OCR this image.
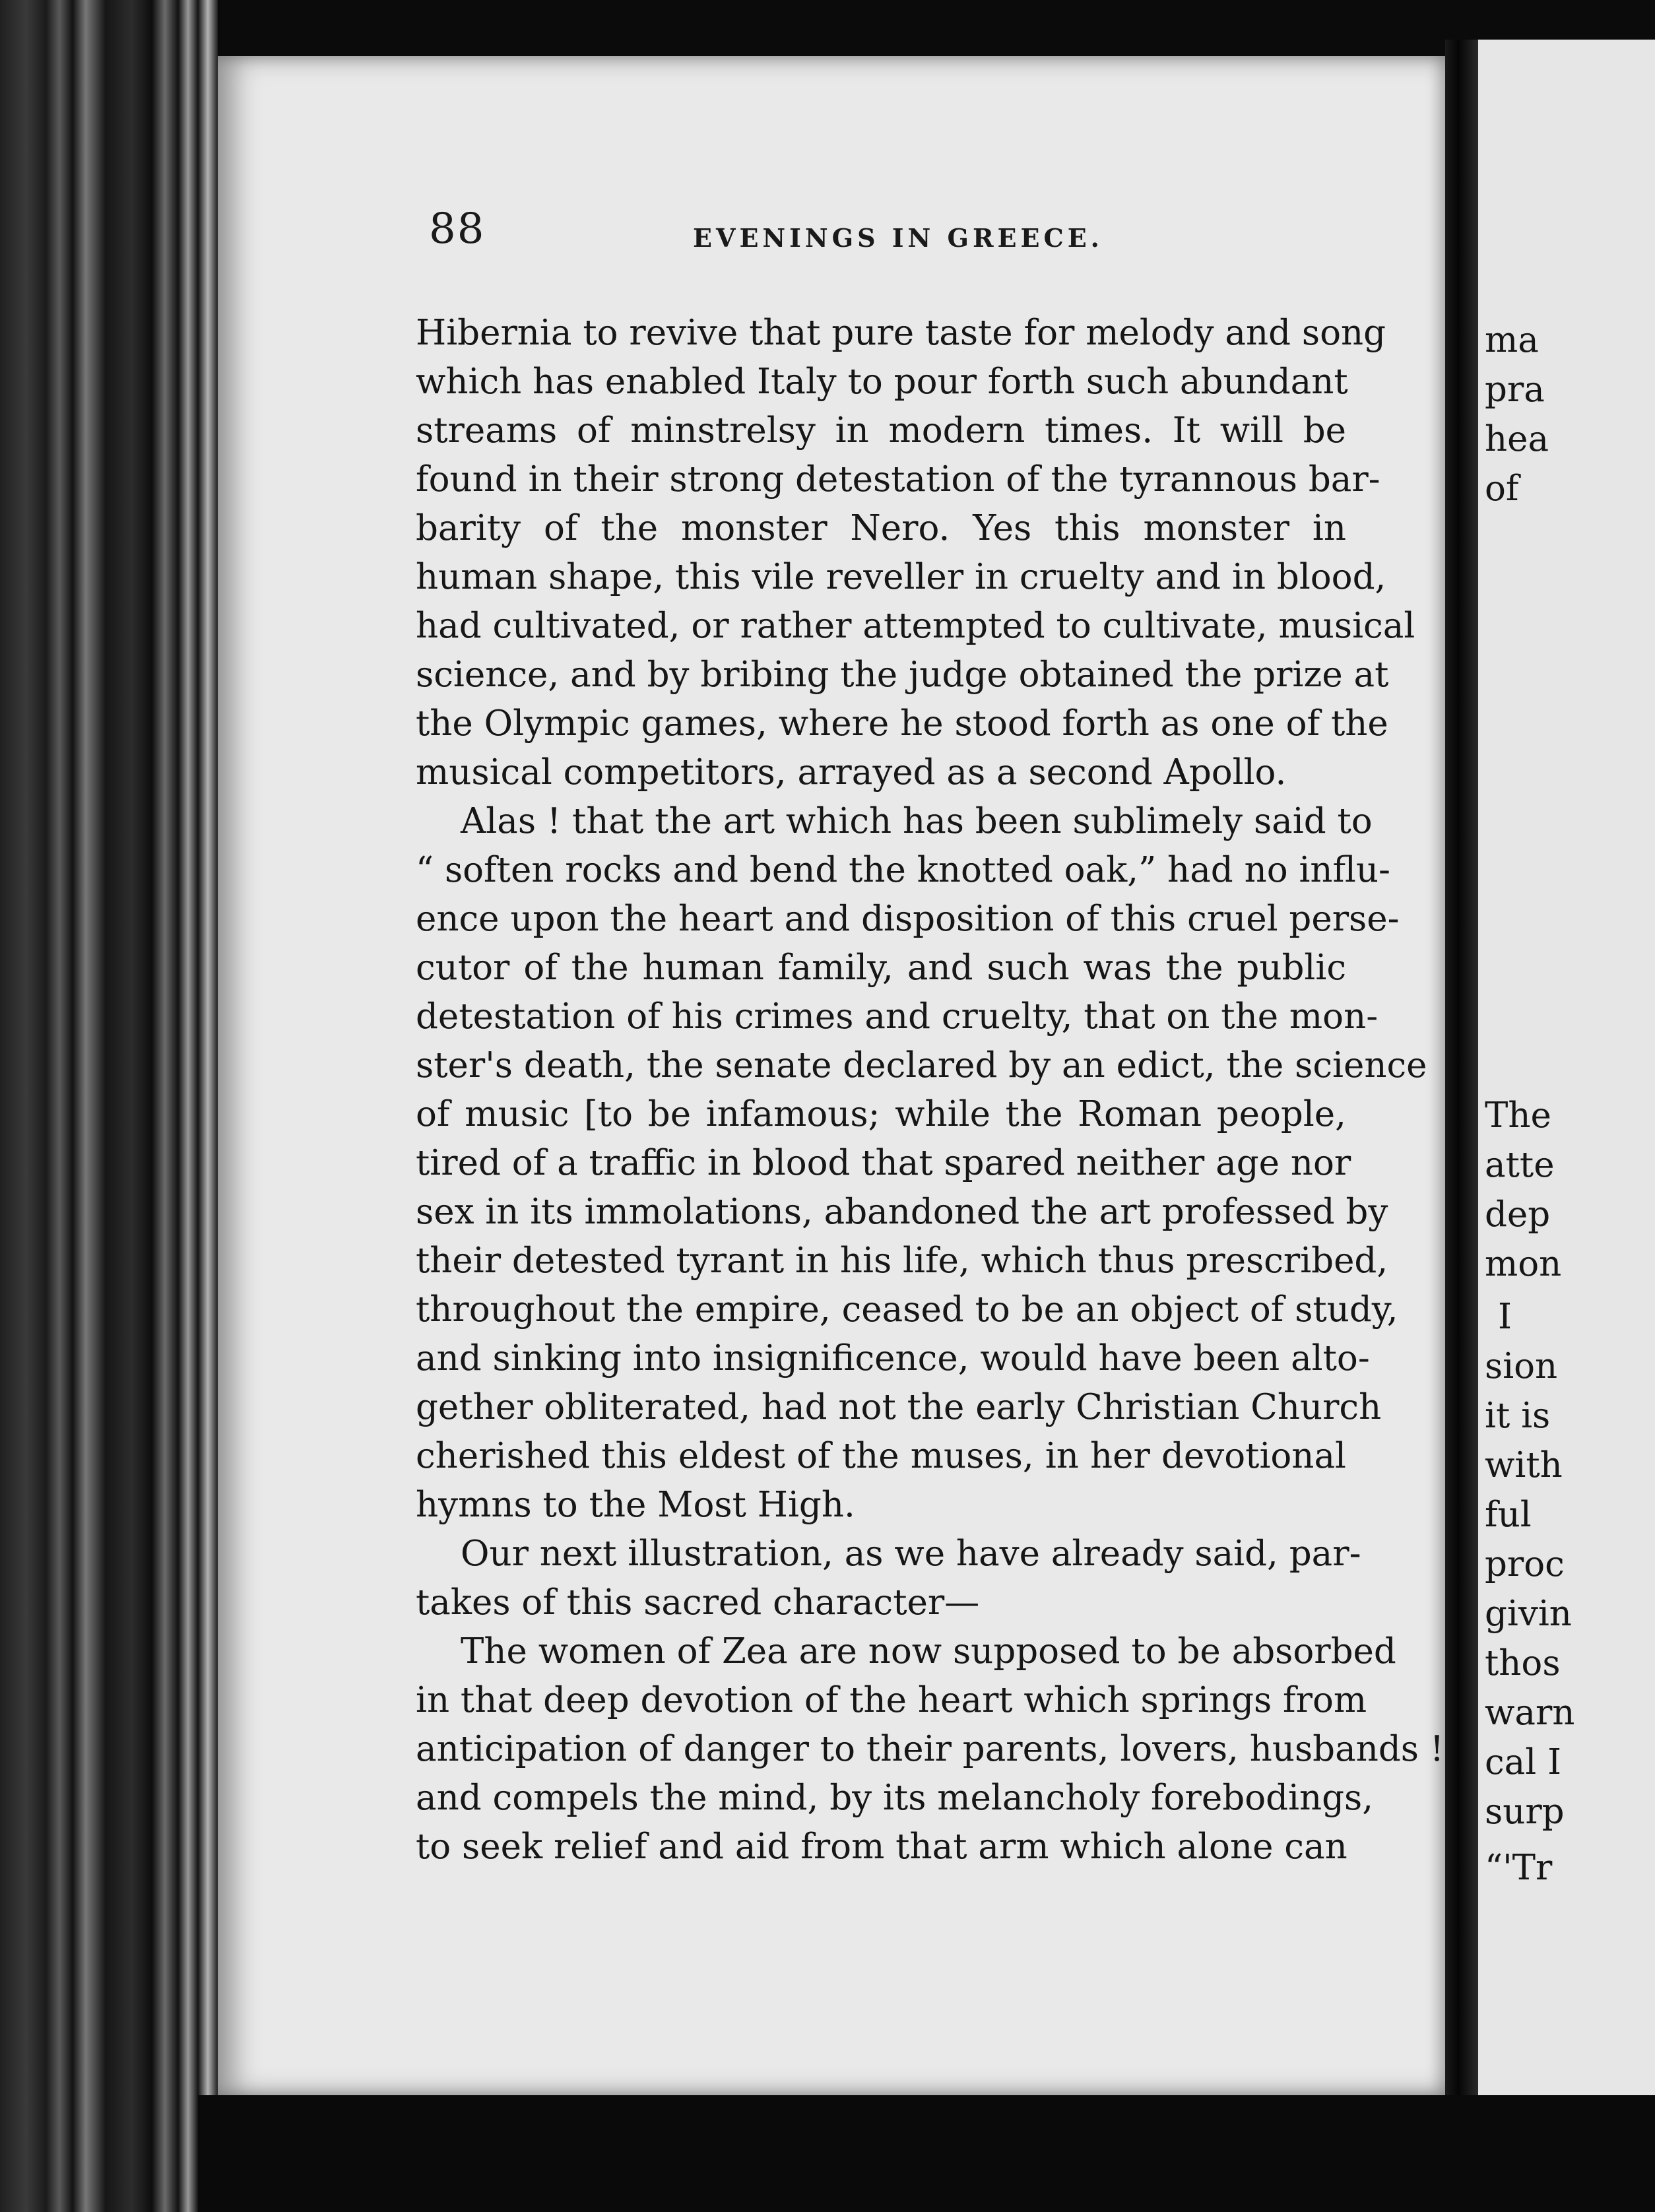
88	EVENINGS IN GREECE.
Hibernia to revive that pure taste for melody and song
which has enabled Italy to pour forth such abundant
streams of minstrelsy in modern times. It will be
found in their strong detestation of the tyrannous bar-
barity of the monster Nero. Yes this monster in
human shape, this vile reveller in cruelty and in blood,
had cultivated, or rather attempted to cultivate, musical
science, and by bribing the judge obtained the prize at
the Olympic games, where he stood forth as one of the
musical competitors, arrayed as a second Apollo.
Alas ! that the art which has been sublimely said to
“ soften rocks and bend the knotted oak,” had no influ-
ence upon the heart and disposition of this cruel perse-
cutor of the human family, and such was the public
detestation of his crimes and cruelty, that on the mon-
ster's death, the senate declared by an edict, the science
of music [to be infamous; while the Roman people,
tired of a traffic in blood that spared neither age nor
sex in its immolations, abandoned the art professed by
their detested tyrant in his life, which thus prescribed,
throughout the empire, ceased to be an object of study,
and sinking into insignificence, would have been alto-
gether obliterated, had not the early Christian Church
cherished this eldest of the muses, in her devotional
hymns to the Most High.
Our next illustration, as we have already said, par-
takes of this sacred character—
The women of Zea are now supposed to be absorbed
in that deep devotion of the heart which springs from
anticipation of danger to their parents, lovers, husbands !
and compels the mind, by its melancholy forebodings,
to seek relief and aid from that arm which alone can
ma
pra
hea
of
The
atte
dep
mon
I
sion
it is
with
ful
proc
givin
thos
warn
cal I
surp
“'Tr
